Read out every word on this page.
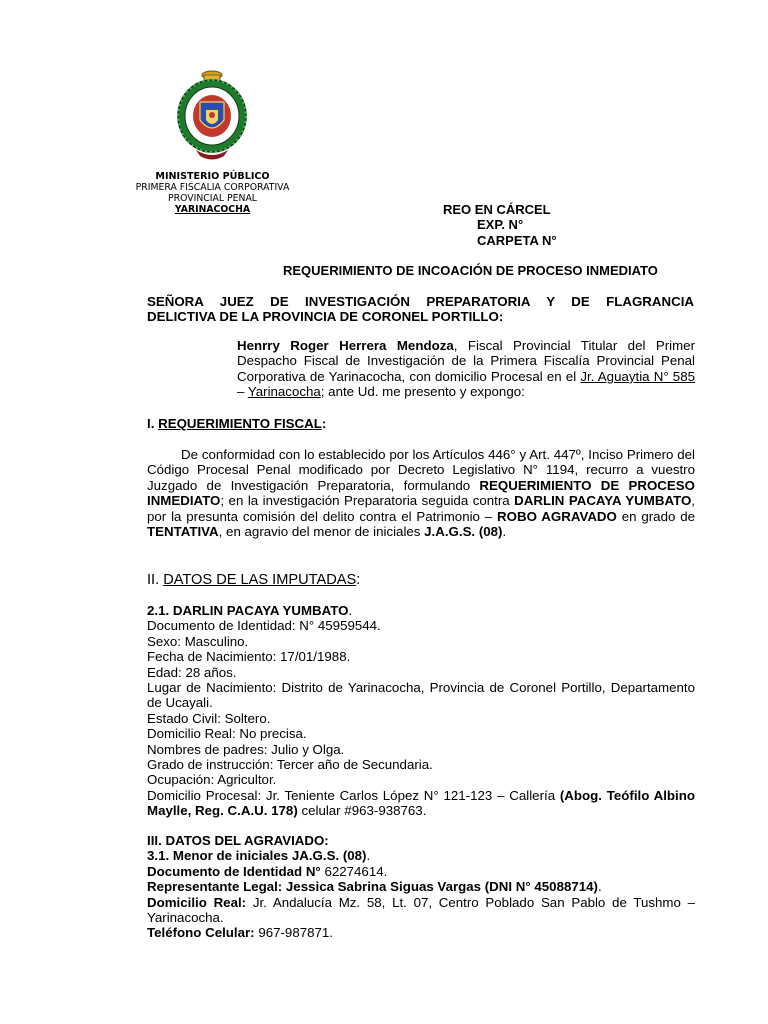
MINISTERIO PÚBLICO
PRIMERA FISCALIA CORPORATIVA
PROVINCIAL PENAL
YARINACOCHA	REO EN CÁRCEL
EXP. N°
CARPETA N°
REQUERIMIENTO DE INCOACIÓN DE PROCESO INMEDIATO
SEÑORA JUEZ DE INVESTIGACIÓN PREPARATORIA Y DE FLAGRANCIA
DELICTIVA DE LA PROVINCIA DE CORONEL PORTILLO:

Henrry Roger Herrera Mendoza, Fiscal Provincial Titular del Primer Despacho Fiscal de Investigación de la Primera Fiscalía Provincial Penal Corporativa de Yarinacocha, con domicilio Procesal en el Jr. Aguaytia N° 585 – Yarinacocha; ante Ud. me presento y expongo:

I. REQUERIMIENTO FISCAL:

De conformidad con lo establecido por los Artículos 446° y Art. 447º, Inciso Primero del Código Procesal Penal modificado por Decreto Legislativo N° 1194, recurro a vuestro Juzgado de Investigación Preparatoria, formulando REQUERIMIENTO DE PROCESO INMEDIATO; en la investigación Preparatoria seguida contra DARLIN PACAYA YUMBATO, por la presunta comisión del delito contra el Patrimonio – ROBO AGRAVADO en grado de TENTATIVA, en agravio del menor de iniciales J.A.G.S. (08).

II. DATOS DE LAS IMPUTADAS:
2.1. DARLIN PACAYA YUMBATO.
Documento de Identidad: N° 45959544.
Sexo: Masculino.
Fecha de Nacimiento: 17/01/1988.
Edad: 28 años.
Lugar de Nacimiento: Distrito de Yarinacocha, Provincia de Coronel Portillo, Departamento de Ucayali.
Estado Civil: Soltero.
Domicilio Real: No precisa.
Nombres de padres: Julio y Olga.
Grado de instrucción: Tercer año de Secundaria.
Ocupación: Agricultor.
Domicilio Procesal: Jr. Teniente Carlos López N° 121-123 – Callería (Abog. Teófilo Albino Maylle, Reg. C.A.U. 178) celular #963-938763.
III. DATOS DEL AGRAVIADO:
3.1. Menor de iniciales JA.G.S. (08).
Documento de Identidad N° 62274614.
Representante Legal: Jessica Sabrina Siguas Vargas (DNI N° 45088714).
Domicilio Real: Jr. Andalucía Mz. 58, Lt. 07, Centro Poblado San Pablo de Tushmo – Yarinacocha.
Teléfono Celular: 967-987871.
